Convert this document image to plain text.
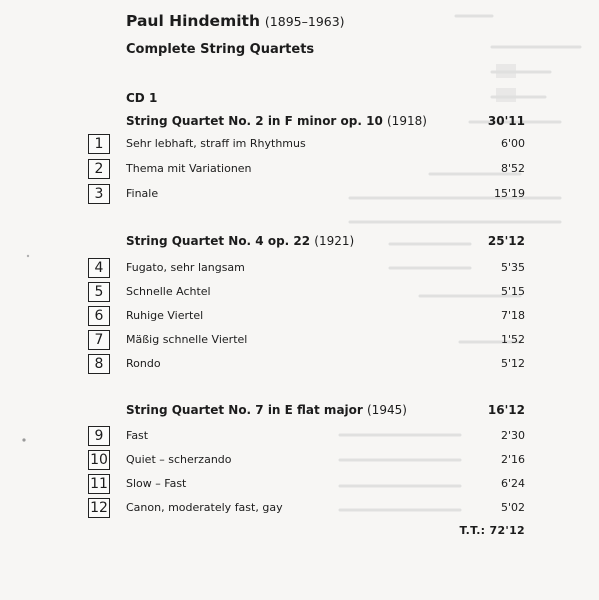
Paul Hindemith (1895–1963)
Complete String Quartets
CD 1
String Quartet No. 2 in F minor op. 10 (1918)	30'11
1	Sehr lebhaft, straff im Rhythmus	6'00
2	Thema mit Variationen	8'52
3	Finale	15'19
String Quartet No. 4 op. 22 (1921)	25'12
4	Fugato, sehr langsam	5'35
5	Schnelle Achtel	5'15
6	Ruhige Viertel	7'18
7	Mäßig schnelle Viertel	1'52
8	Rondo	5'12
String Quartet No. 7 in E flat major (1945)	16'12
9	Fast	2'30
10 Quiet – scherzando	2'16
11 Slow – Fast	6'24
12 Canon, moderately fast, gay	5'02
T.T.: 72'12
